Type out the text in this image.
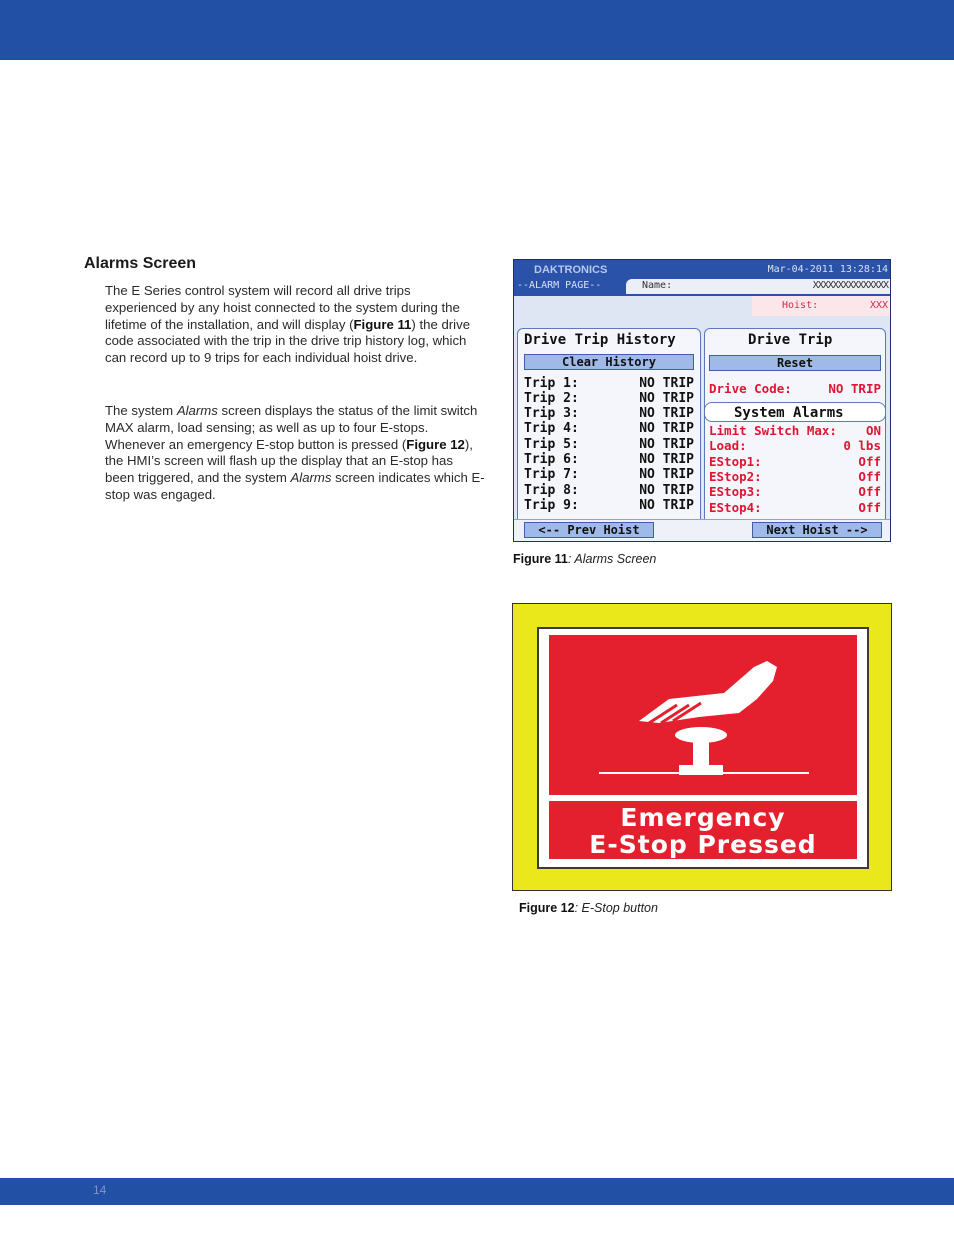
Alarms Screen
The E Series control system will record all drive trips experienced by any hoist connected to the system during the lifetime of the installation, and will display (Figure 11) the drive code associated with the trip in the drive trip history log, which can record up to 9 trips for each individual hoist drive.
The system Alarms screen displays the status of the limit switch MAX alarm, load sensing; as well as up to four E-stops. Whenever an emergency E-stop button is pressed (Figure 12), the HMI’s screen will flash up the display that an E-stop has been triggered, and the system Alarms screen indicates which E-stop was engaged.
DAKTRONICS	Mar-04-2011 13:28:14
--ALARM PAGE--	Name:	XXXXXXXXXXXXXXX
Hoist:	XXX
Drive Trip History
Clear History
Trip 1:	NO TRIP
Trip 2:	NO TRIP
Trip 3:	NO TRIP
Trip 4:	NO TRIP
Trip 5:	NO TRIP
Trip 6:	NO TRIP
Trip 7:	NO TRIP
Trip 8:	NO TRIP
Trip 9:	NO TRIP
Drive Trip
Reset
Drive Code:	NO TRIP
System Alarms
Limit Switch Max: ON
Load:	0 lbs
EStop1:	Off
EStop2:	Off
EStop3:	Off
EStop4:	Off
<-- Prev Hoist	Next Hoist -->
Figure 11: Alarms Screen
Emergency
E-Stop Pressed
Figure 12: E-Stop button
14
